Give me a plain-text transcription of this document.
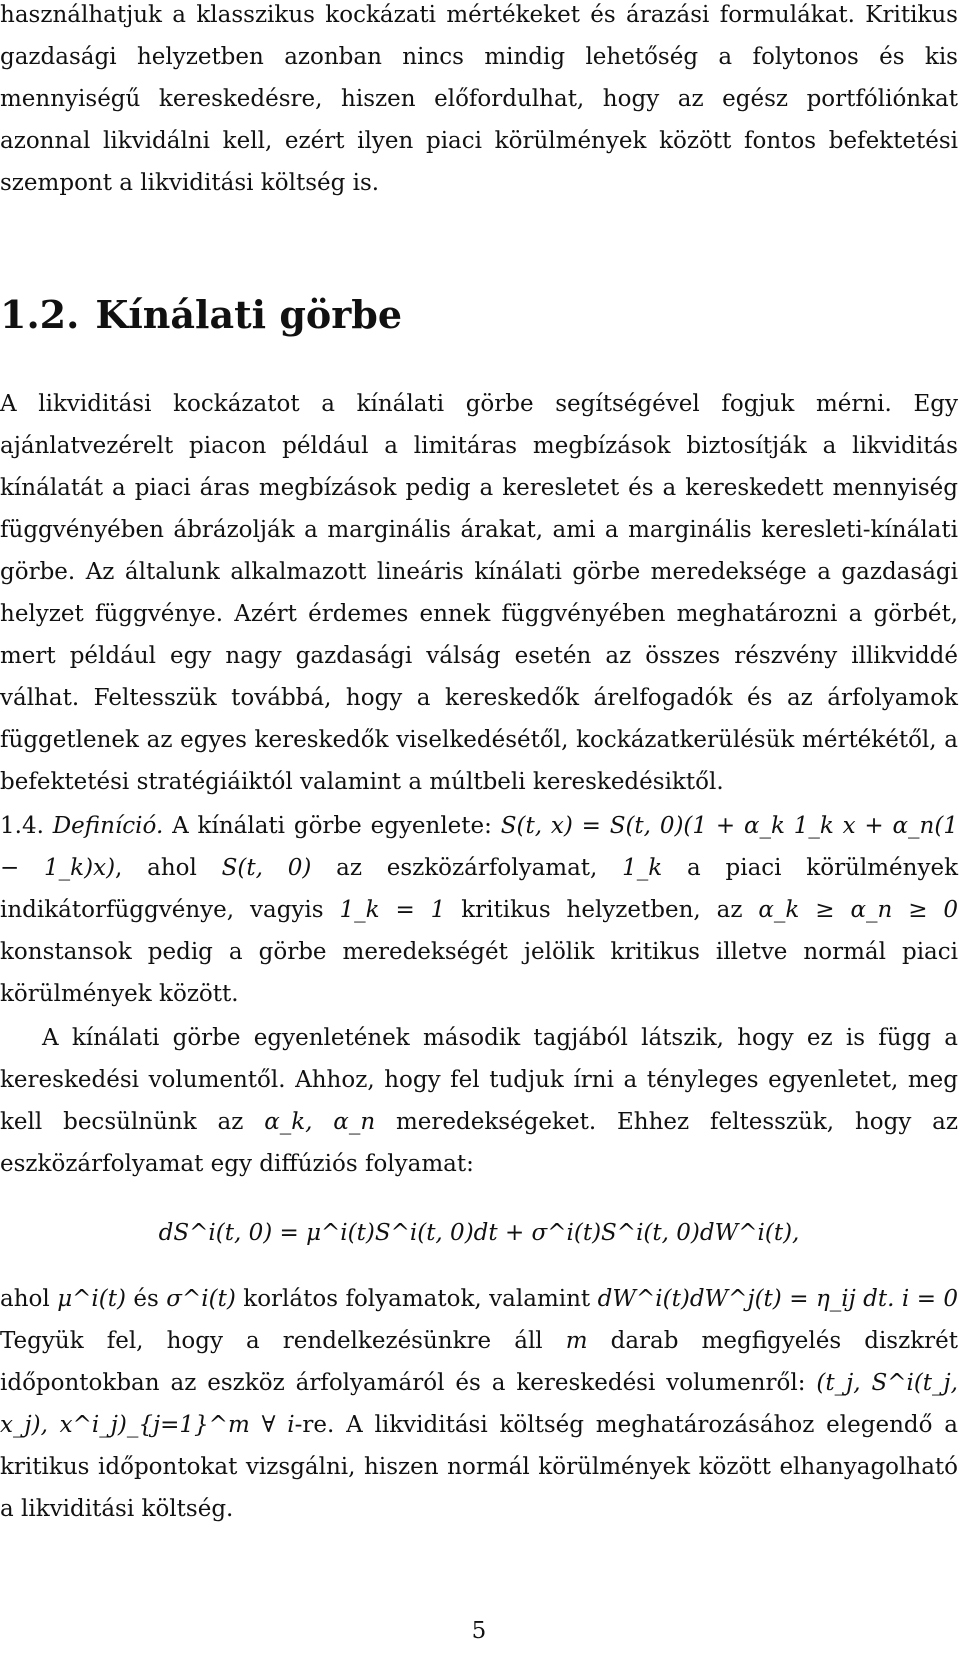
használhatjuk a klasszikus kockázati mértékeket és árazási formulákat. Kritikus gazdasági helyzetben azonban nincs mindig lehetőség a folytonos és kis mennyiségű kereskedésre, hiszen előfordulhat, hogy az egész portfóliónkat azonnal likvidálni kell, ezért ilyen piaci körülmények között fontos befektetési szempont a likviditási költség is.
1.2. Kínálati görbe
A likviditási kockázatot a kínálati görbe segítségével fogjuk mérni. Egy ajánlatvezérelt piacon például a limitáras megbízások biztosítják a likviditás kínálatát a piaci áras megbízások pedig a keresletet és a kereskedett mennyiség függvényében ábrázolják a marginális árakat, ami a marginális keresleti-kínálati görbe. Az általunk alkalmazott lineáris kínálati görbe meredeksége a gazdasági helyzet függvénye. Azért érdemes ennek függvényében meghatározni a görbét, mert például egy nagy gazdasági válság esetén az összes részvény illikviddé válhat. Feltesszük továbbá, hogy a kereskedők árelfogadók és az árfolyamok függetlenek az egyes kereskedők viselkedésétől, kockázatkerülésük mértékétől, a befektetési stratégiáiktól valamint a múltbeli kereskedésiktől.
1.4. Definíció. A kínálati görbe egyenlete: S(t, x) = S(t, 0)(1 + α_k 1_k x + α_n(1 − 1_k)x), ahol S(t, 0) az eszközárfolyamat, 1_k a piaci körülmények indikátorfüggvénye, vagyis 1_k = 1 kritikus helyzetben, az α_k ≥ α_n ≥ 0 konstansok pedig a görbe meredekségét jelölik kritikus illetve normál piaci körülmények között.
A kínálati görbe egyenletének második tagjából látszik, hogy ez is függ a kereskedési volumentől. Ahhoz, hogy fel tudjuk írni a tényleges egyenletet, meg kell becsülnünk az α_k, α_n meredekségeket. Ehhez feltesszük, hogy az eszközárfolyamat egy diffúziós folyamat:
dS^i(t, 0) = μ^i(t)S^i(t, 0)dt + σ^i(t)S^i(t, 0)dW^i(t),
ahol μ^i(t) és σ^i(t) korlátos folyamatok, valamint dW^i(t)dW^j(t) = η_ij dt. i = 0 Tegyük fel, hogy a rendelkezésünkre áll m darab megfigyelés diszkrét időpontokban az eszköz árfolyamáról és a kereskedési volumenről: (t_j, S^i(t_j, x_j), x^i_j)_{j=1}^m ∀ i-re. A likviditási költség meghatározásához elegendő a kritikus időpontokat vizsgálni, hiszen normál körülmények között elhanyagolható a likviditási költség.
5
